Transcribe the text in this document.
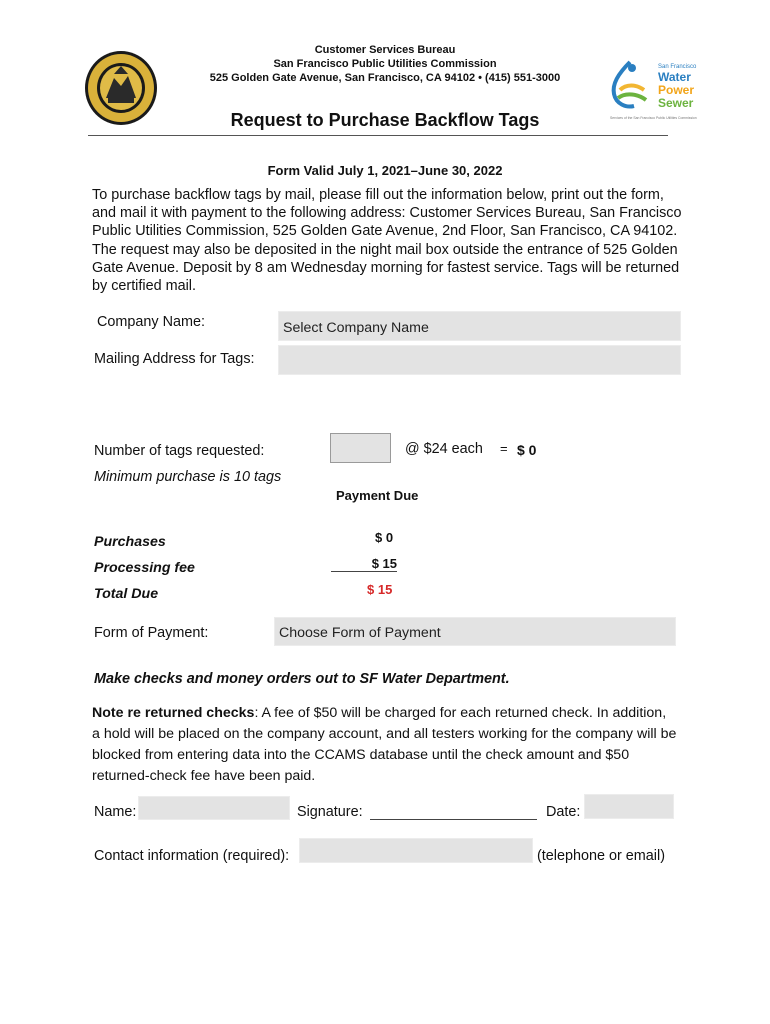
Customer Services Bureau
San Francisco Public Utilities Commission
525 Golden Gate Avenue, San Francisco, CA 94102 • (415) 551-3000
San Francisco
Water
Power
Sewer
Services of the San Francisco Public Utilities Commission
Request to Purchase Backflow Tags
Form Valid July 1, 2021–June 30, 2022
To purchase backflow tags by mail, please fill out the information below, print out the form, and mail it with payment to the following address: Customer Services Bureau, San Francisco Public Utilities Commission, 525 Golden Gate Avenue, 2nd Floor, San Francisco, CA 94102. The request may also be deposited in the night mail box outside the entrance of 525 Golden Gate Avenue. Deposit by 8 am Wednesday morning for fastest service. Tags will be returned by certified mail.
Company Name:	Select Company Name
Mailing Address for Tags:
Number of tags requested:	@ $24 each = $ 0
Minimum purchase is 10 tags
Payment Due
Purchases	$ 0
Processing fee	$ 15
Total Due	$ 15
Form of Payment:	Choose Form of Payment
Make checks and money orders out to SF Water Department.
Note re returned checks: A fee of $50 will be charged for each returned check. In addition, a hold will be placed on the company account, and all testers working for the company will be blocked from entering data into the CCAMS database until the check amount and $50 returned-check fee have been paid.
Name:	Signature:	Date:
Contact information (required):	(telephone or email)
